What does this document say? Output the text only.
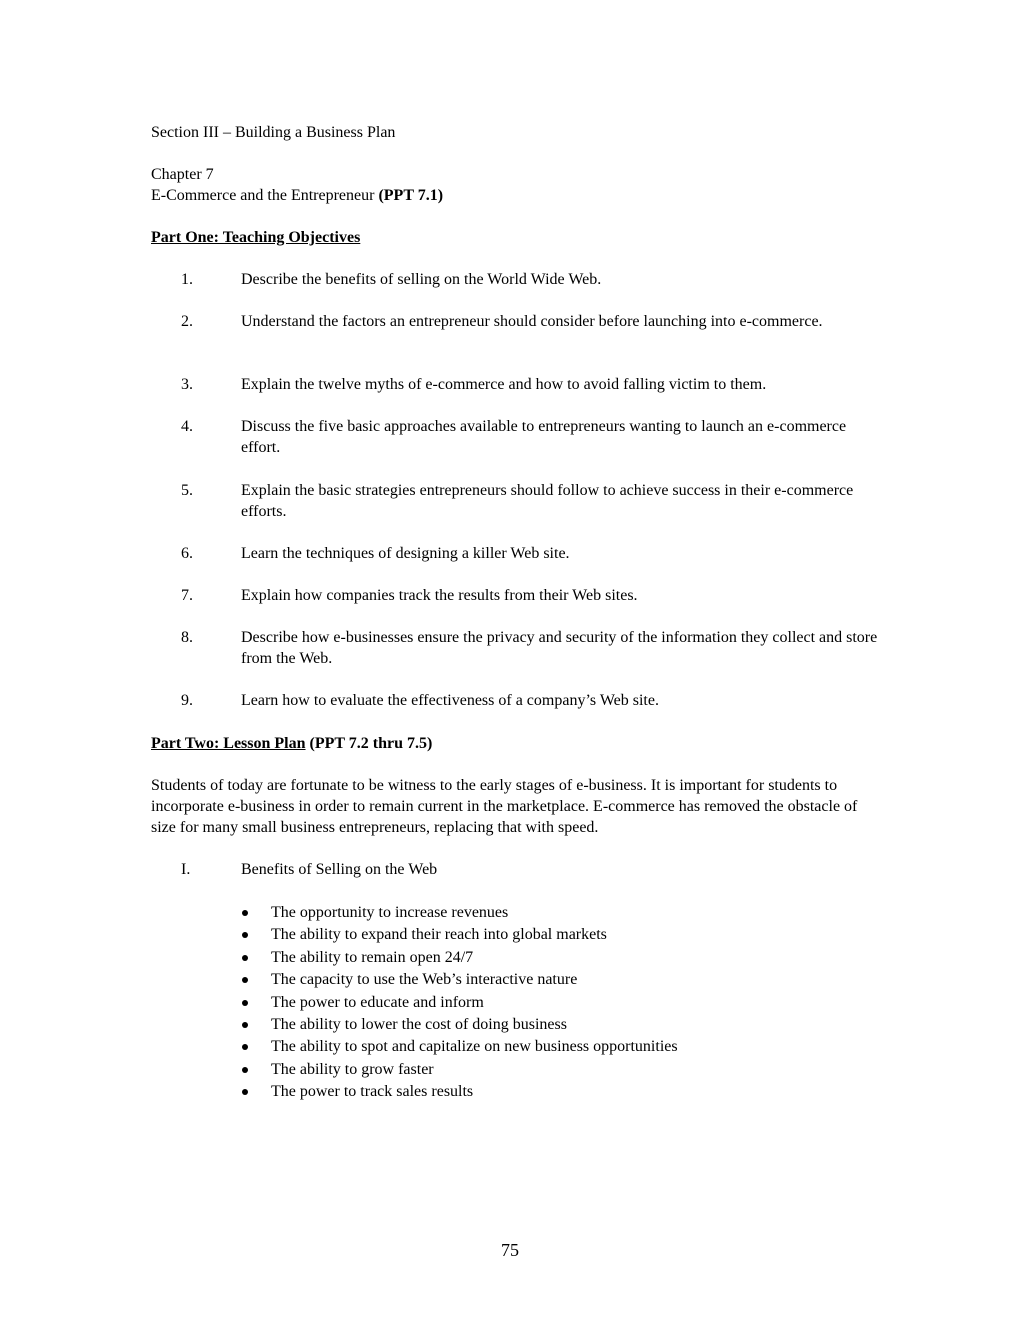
Section III – Building a Business Plan
Chapter 7
E-Commerce and the Entrepreneur (PPT 7.1)
Part One: Teaching Objectives
1.	Describe the benefits of selling on the World Wide Web.
2.	Understand the factors an entrepreneur should consider before launching into e-commerce.
3.	Explain the twelve myths of e-commerce and how to avoid falling victim to them.
4.	Discuss the five basic approaches available to entrepreneurs wanting to launch an e-commerce effort.
5.	Explain the basic strategies entrepreneurs should follow to achieve success in their e-commerce efforts.
6.	Learn the techniques of designing a killer Web site.
7.	Explain how companies track the results from their Web sites.
8.	Describe how e-businesses ensure the privacy and security of the information they collect and store from the Web.
9.	Learn how to evaluate the effectiveness of a company’s Web site.
Part Two: Lesson Plan (PPT 7.2 thru 7.5)
Students of today are fortunate to be witness to the early stages of e-business. It is important for students to incorporate e-business in order to remain current in the marketplace. E-commerce has removed the obstacle of size for many small business entrepreneurs, replacing that with speed.
I.	Benefits of Selling on the Web
The opportunity to increase revenues
The ability to expand their reach into global markets
The ability to remain open 24/7
The capacity to use the Web’s interactive nature
The power to educate and inform
The ability to lower the cost of doing business
The ability to spot and capitalize on new business opportunities
The ability to grow faster
The power to track sales results
75
